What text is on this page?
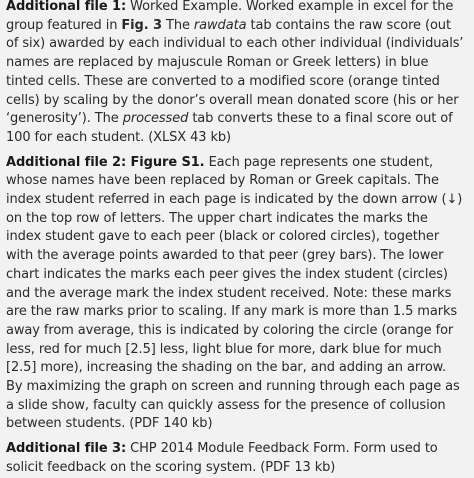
Additional file 1: Worked Example. Worked example in excel for the group featured in Fig. 3 The rawdata tab contains the raw score (out of six) awarded by each individual to each other individual (individuals’ names are replaced by majuscule Roman or Greek letters) in blue tinted cells. These are converted to a modified score (orange tinted cells) by scaling by the donor’s overall mean donated score (his or her ‘generosity’). The processed tab converts these to a final score out of 100 for each student. (XLSX 43 kb)

Additional file 2: Figure S1. Each page represents one student, whose names have been replaced by Roman or Greek capitals. The index student referred in each page is indicated by the down arrow (↓) on the top row of letters. The upper chart indicates the marks the index student gave to each peer (black or colored circles), together with the average points awarded to that peer (grey bars). The lower chart indicates the marks each peer gives the index student (circles) and the average mark the index student received. Note: these marks are the raw marks prior to scaling. If any mark is more than 1.5 marks away from average, this is indicated by coloring the circle (orange for less, red for much [2.5] less, light blue for more, dark blue for much [2.5] more), increasing the shading on the bar, and adding an arrow. By maximizing the graph on screen and running through each page as a slide show, faculty can quickly assess for the presence of collusion between students. (PDF 140 kb)

Additional file 3: CHP 2014 Module Feedback Form. Form used to solicit feedback on the scoring system. (PDF 13 kb)
